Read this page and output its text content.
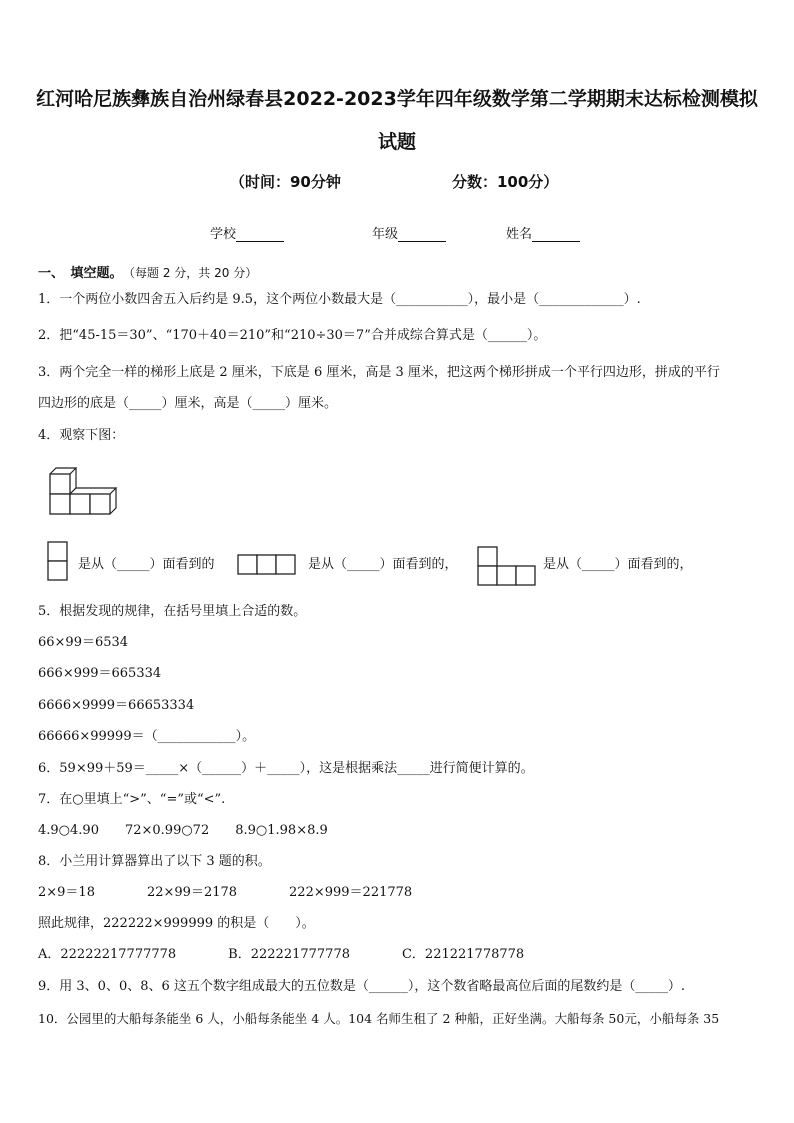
红河哈尼族彝族自治州绿春县2022-2023学年四年级数学第二学期期末达标检测模拟
试题
（时间：90分钟	分数：100分）
学校	年级	姓名
一、　填空题。　 （每题 2 分，共 20 分）
1．一个两位小数四舍五入后约是 9.5，这个两位小数最大是（___________），最小是（_____________）.
2．把“45-15＝30”、“170＋40＝210”和“210÷30＝7”合并成综合算式是（______）。
3．两个完全一样的梯形上底是 2 厘米，下底是 6 厘米，高是 3 厘米，把这两个梯形拼成一个平行四边形，拼成的平行
四边形的底是（_____）厘米，高是（_____）厘米。
4．观察下图：
是从（_____）面看到的	是从（_____）面看到的，	是从（_____）面看到的，
5．根据发现的规律，在括号里填上合适的数。
66×99＝6534
666×999＝665334
6666×9999＝66653334
66666×99999＝（____________）。
6．59×99＋59＝_____×（______）＋_____），这是根据乘法_____进行简便计算的。
7．在○里填上“>”、“=”或“<”.
4.9○4.90　　72×0.99○72　　8.9○1.98×8.9
8．小兰用计算器算出了以下 3 题的积。
2×9＝18　　　　22×99＝2178　　　　222×999＝221778
照此规律，222222×999999 的积是（　　）。
A．22222217777778　　　　B．222221777778　　　　C．221221778778
9．用 3、0、0、8、6 这五个数字组成最大的五位数是（______），这个数省略最高位后面的尾数约是（_____）.
10．公园里的大船每条能坐 6 人，小船每条能坐 4 人。104 名师生租了 2 种船，正好坐满。大船每条 50元，小船每条 35
